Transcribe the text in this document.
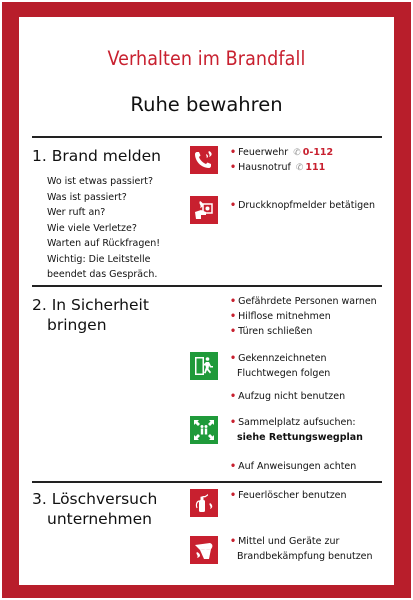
Verhalten im Brandfall
Ruhe bewahren
1. Brand melden
Wo ist etwas passiert?
Was ist passiert?
Wer ruft an?
Wie viele Verletze?
Warten auf Rückfragen!
Wichtig: Die Leitstelle
beendet das Gespräch.
• Feuerwehr ✆ 0-112
• Hausnotruf ✆ 111
• Druckknopfmelder betätigen
2. In Sicherheit
bringen
• Gefährdete Personen warnen
• Hilflose mitnehmen
• Türen schließen
• Gekennzeichneten
Fluchtwegen folgen
• Aufzug nicht benutzen
• Sammelplatz aufsuchen:
siehe Rettungswegplan
• Auf Anweisungen achten
3. Löschversuch
unternehmen
• Feuerlöscher benutzen
• Mittel und Geräte zur
Brandbekämpfung benutzen
